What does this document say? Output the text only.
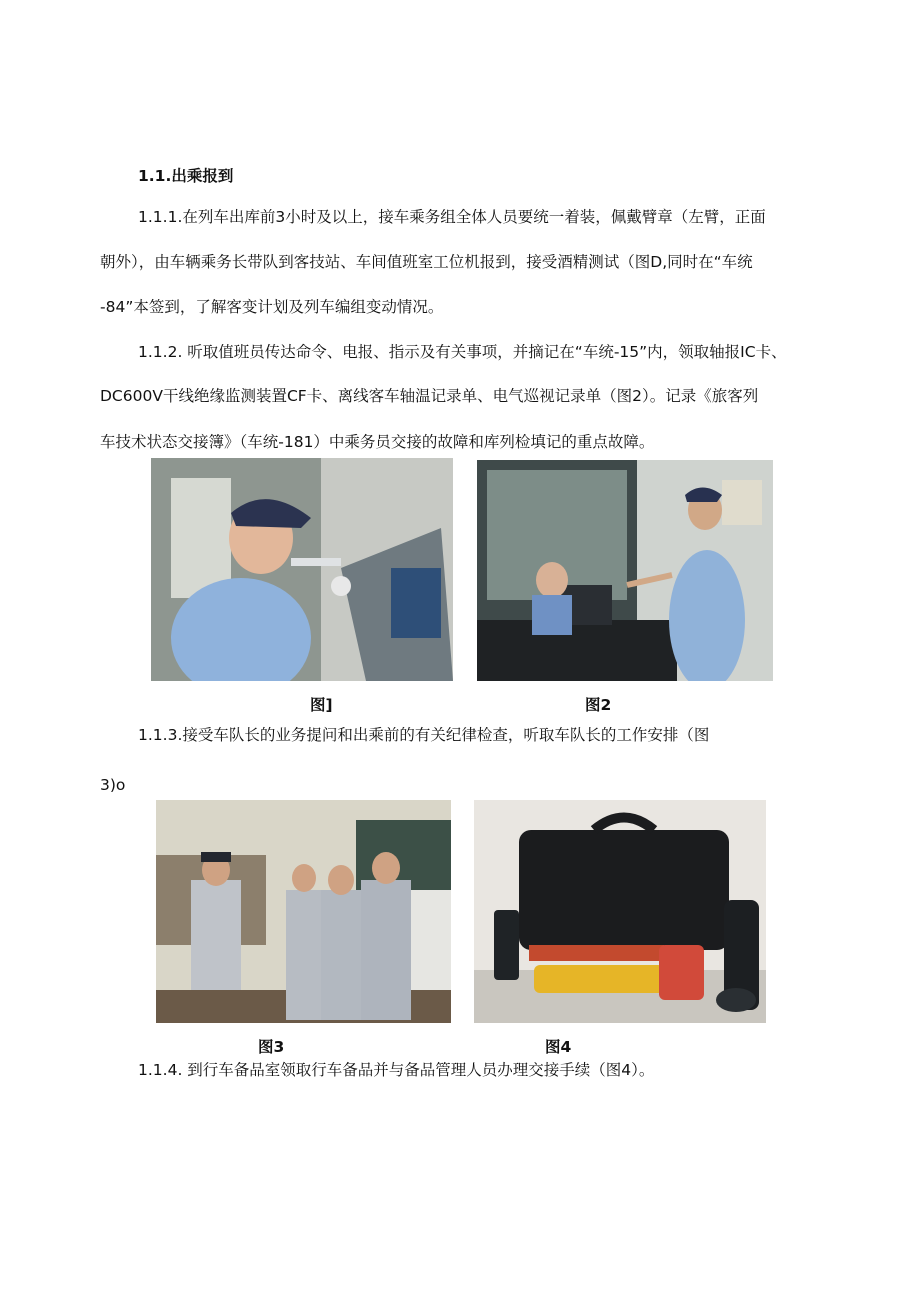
1.1.出乘报到
1.1.1.在列车出库前3小时及以上，接车乘务组全体人员要统一着装，佩戴臂章（左臂，正面
朝外），由车辆乘务长带队到客技站、车间值班室工位机报到，接受酒精测试（图D,同时在“车统
-84”本签到，了解客变计划及列车编组变动情况。
1.1.2. 听取值班员传达命令、电报、指示及有关事项，并摘记在“车统-15”内，领取轴报IC卡、
DC600V干线绝缘监测装置CF卡、离线客车轴温记录单、电气巡视记录单（图2）。记录《旅客列
车技术状态交接簿》（车统-181）中乘务员交接的故障和库列检填记的重点故障。
图]	图2
1.1.3.接受车队长的业务提问和出乘前的有关纪律检查，听取车队长的工作安排（图
3)o
图3	图4
1.1.4. 到行车备品室领取行车备品并与备品管理人员办理交接手续（图4）。
